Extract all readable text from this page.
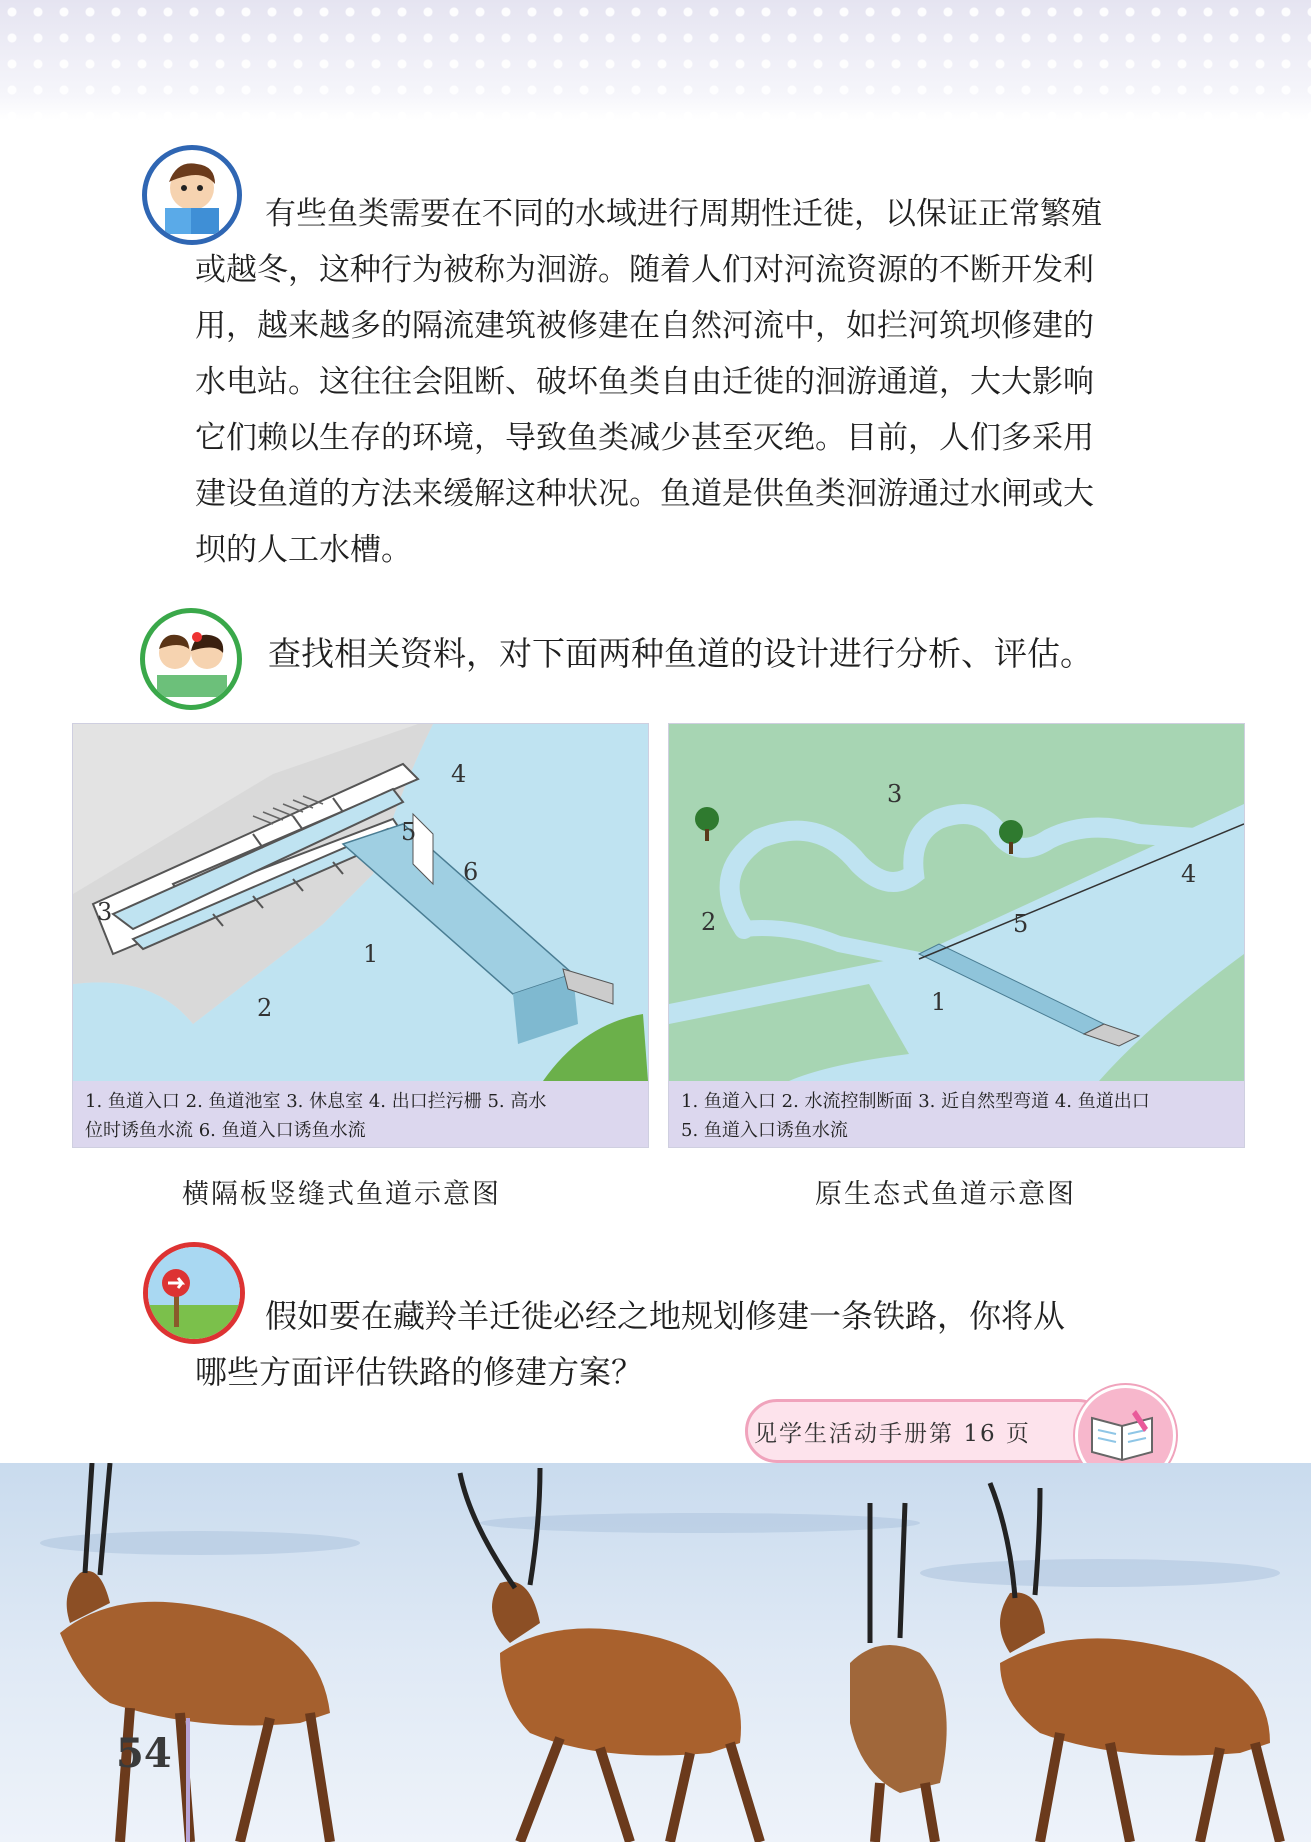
有些鱼类需要在不同的水域进行周期性迁徙，以保证正常繁殖

或越冬，这种行为被称为洄游。随着人们对河流资源的不断开发利

用，越来越多的隔流建筑被修建在自然河流中，如拦河筑坝修建的

水电站。这往往会阻断、破坏鱼类自由迁徙的洄游通道，大大影响

它们赖以生存的环境，导致鱼类减少甚至灭绝。目前，人们多采用

建设鱼道的方法来缓解这种状况。鱼道是供鱼类洄游通过水闸或大

坝的人工水槽。

查找相关资料，对下面两种鱼道的设计进行分析、评估。
4
5
6
3
1
2
1. 鱼道入口 2. 鱼道池室 3. 休息室 4. 出口拦污栅 5. 高水
位时诱鱼水流 6. 鱼道入口诱鱼水流
3
4
2	5
1
1. 鱼道入口 2. 水流控制断面 3. 近自然型弯道 4. 鱼道出口
5. 鱼道入口诱鱼水流
横隔板竖缝式鱼道示意图	原生态式鱼道示意图

假如要在藏羚羊迁徙必经之地规划修建一条铁路，你将从

哪些方面评估铁路的修建方案？

见学生活动手册第 16 页
54
